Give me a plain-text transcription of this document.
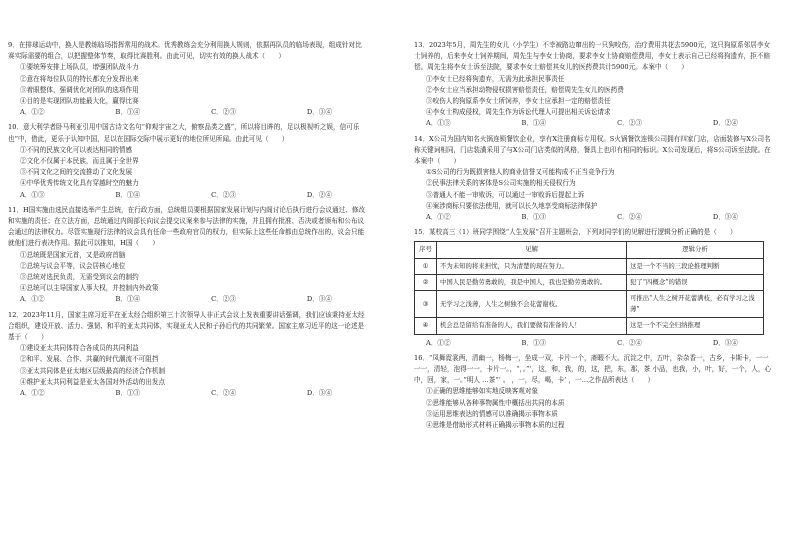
9．在排球运动中，换人是教练临场指挥常用的战术。优秀教练会充分利用换人规则，依据再队员的临场表现，组成针对比赛实际需要的组合，以把握整体节奏，取得比赛胜利。由此可见，切实有效的换人战术（　　）
①要统筹安排上场队员，增强团队战斗力
②意在将每位队员的特长都充分发挥出来
③着眼整体，强调优化对团队的选项作用
④目的是实现团队功能最大化，赢得比赛
A．①②	B．①④	C．②③	D．③④
10．意大利学者卧马利亚引用中国古诗文名句“仰观宇宙之大，俯察品类之盛”，所以将目眸的，足以极视听之娱，信可乐也”中，借此，更乐于认知中国，足以在国际交际中展示更好的地位所见所闻。由此可见（　　）
①不同的民族文化可以表达相同的情感
②文化不仅属于本民族，而且属于全世界
③不同文化之间的交流推动了文化发展
④中华优秀传统文化具有穿越时空的魅力
A．①③	B．①④	C．②③	D．②④
11．H国实施由选民直接选举产生总统，在行政方面，总统组员要根据国家发展计划与内阁讨论后执行进行会议通过、修改和实施的责任；在立法方面，总统通过内阁部长向议会提交议案来参与法律的实施，并且拥有批准、否决或者颁布和公布议会通过的法律权力。尽管实施现行法律的议会具有任命一些政府官员的权力，但实际上这些任命都由总统作出的，议会只能就他们进行表决作用。据此可以推知，H国（　　）
①总统既是国家元首，又是政府首脑
②总统与议会平等，议会居核心地位
③总统对选民负责，无需受到议会的制约
④总统可以主导国家人事大权，并控制内外政策
A．①②	B．①④	C．②③	D．③④
12．2023年11月，国家主席习近平在亚太经合组织第三十次领导人非正式会议上发表重要讲话强调，我们应该秉持亚太经合组织，建设开放、活力、强韧、和平的亚太共同体，实现亚太人民和子孙后代的共同繁荣。国家主席习近平的这一论述是基于（　　）
①建设亚太共同体符合各成员的共同利益
②和平、发展、合作、共赢的时代潮流不可阻挡
③亚太共同体是亚太地区层级最高的经济合作机制
④维护亚太共同利益是亚太各国对外活动的出发点
A．①②	B．①③	C．②④	D．③④
13．2023年5月，周先生的女儿（小学生）不幸被路边窜出的一只狗咬伤，治疗费用共花去5900元，这只狗原系邻居李女士饲养的，后来李女士饲养期间，周先生与李女士协商，要求李女士协商赔偿费用，李女士表示自己已经将狗遗弃，拒不赔偿。周先生将李女士诉至法院，要求李女士赔偿其女儿的医药费共计5900元。本案中（　　）
①李女士已经将狗遗弃，无需为此承担民事责任
②李女士应当承担动物侵权损害赔偿责任，赔偿周先生女儿的医药费
③咬伤人的狗原系李女士所饲养，李女士应承担一定的赔偿责任
④李女士构成侵权，周先生作为诉讼代理人可提出相关诉讼请求
A．①③	B．①④	C．②③	D．②④
14．X公司为国内知名火锅连锁餐饮企业，享有X注册商标专用权。S火锅餐饮连锁公司拥有四家门店，店面装修与X公司名称关键词相同，门店装潢采用了与X公司门店类似的风格，餐具上也印有相同的标识。X公司发现后，将S公司诉至法院。在本案中（　　）
①S公司的行为既损害他人的商业信誉又可能构成不正当竞争行为
②民事法律关系的客体是S公司实施的相关侵权行为
③普通人不能一审败诉，可以通过一审败诉后提起上诉
④案涉商标只要依法使用，就可以长久地享受商标法律保护
A．①②	B．①③	C．②④	D．③④
15．某校高三（1）班同学围绕“人生发展”召开主题班会，下列对同学们的见解进行逻辑分析正确的是（　　）
序号	见解	逻辑分析
①	不为未知的将来担忧，只为清楚的现在努力。	这是一个不当的三段论推理判断
②	中国人民是勤劳勇敢的，我是中国人，我也是勤劳勇敢的。	犯了“四概念”的错误
③	无学习之浅薄，人生之树独不会花蕾谢枝。	可推出“人生之树开花蕾满枝，必有学习之浅薄”
④	机会总是留给有准备的人，我们要做有准备的人！	这是一个不完全归纳推理
A．①②	B．①③	C．②④	D．③④
16．“凤舞霓裳两，清幽一，杨梅一，坐成一双，卡片一个，斋暇不大。沉淀之中，五叶，杂杂香一，古乡，卡斯卡，一一一一，清轻，泡得一一，卡片一。，“，。”‘，这，和，我，的，这，把，东，那，茶 小品，也我，小，叶，好，一个，人，心中，回，家，一。”明人 …茶“‘ 。 ，一，尽，喝，卡’ ，一…之作品所表达（　　）
①正确的思维能够如实地反映客观对象
②思维能够从各种事物属性中概括出共同的本质
③运用思维表达的情感可以准确揭示事物本质
④思维是借助形式材料正确揭示事物本质的过程
